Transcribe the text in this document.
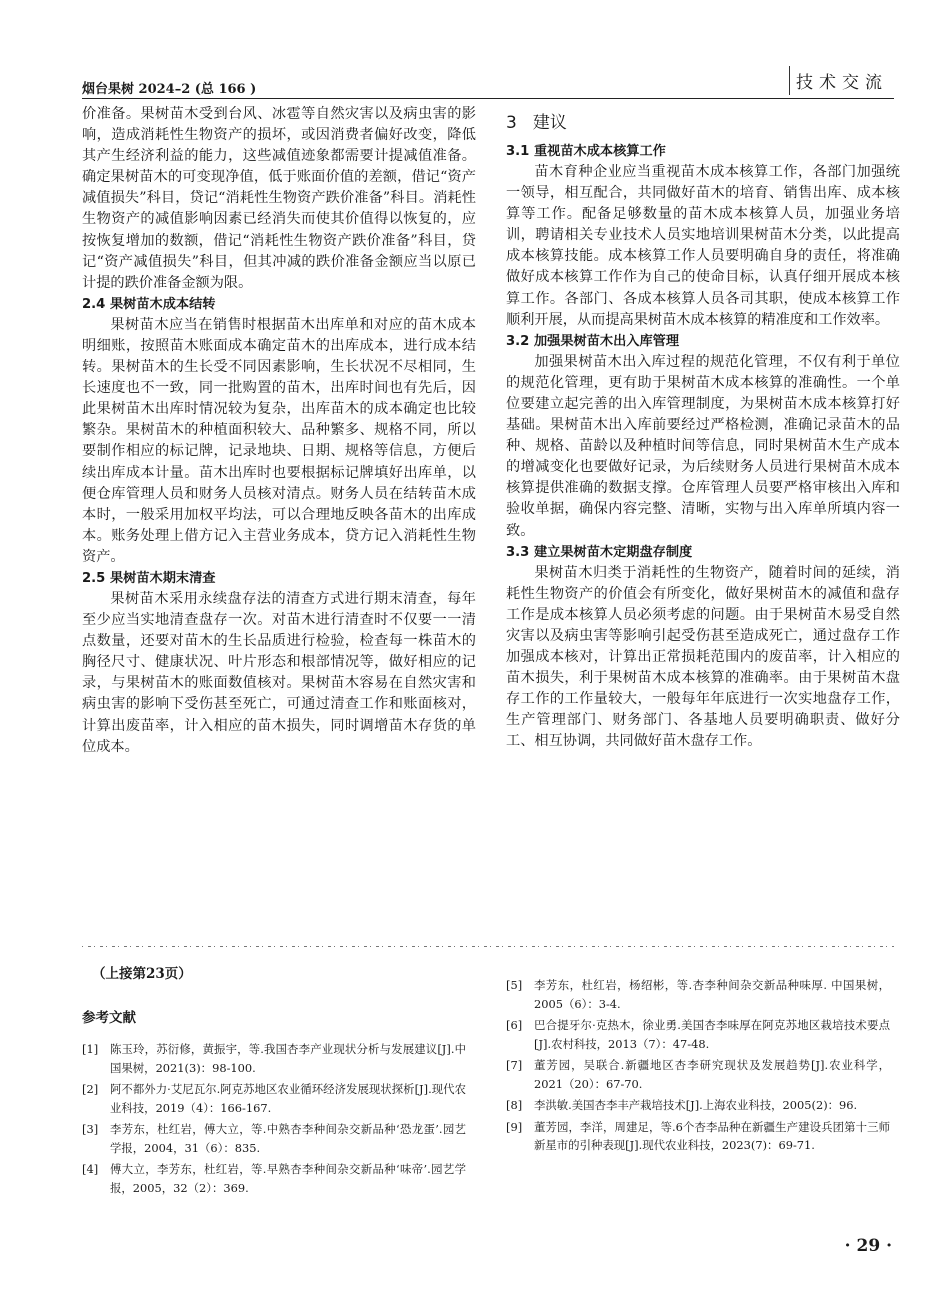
烟台果树 2024–2 (总 166 )	技术交流

价准备。果树苗木受到台风、冰雹等自然灾害以及病虫害的影响，造成消耗性生物资产的损坏，或因消费者偏好改变，降低其产生经济利益的能力，这些减值迹象都需要计提减值准备。确定果树苗木的可变现净值，低于账面价值的差额，借记“资产减值损失”科目，贷记“消耗性生物资产跌价准备”科目。消耗性生物资产的减值影响因素已经消失而使其价值得以恢复的，应按恢复增加的数额，借记“消耗性生物资产跌价准备”科目，贷记“资产减值损失”科目，但其冲减的跌价准备金额应当以原已计提的跌价准备金额为限。

2.4 果树苗木成本结转

果树苗木应当在销售时根据苗木出库单和对应的苗木成本明细账，按照苗木账面成本确定苗木的出库成本，进行成本结转。果树苗木的生长受不同因素影响，生长状况不尽相同，生长速度也不一致，同一批购置的苗木，出库时间也有先后，因此果树苗木出库时情况较为复杂，出库苗木的成本确定也比较繁杂。果树苗木的种植面积较大、品种繁多、规格不同，所以要制作相应的标记牌，记录地块、日期、规格等信息，方便后续出库成本计量。苗木出库时也要根据标记牌填好出库单，以便仓库管理人员和财务人员核对清点。财务人员在结转苗木成本时，一般采用加权平均法，可以合理地反映各苗木的出库成本。账务处理上借方记入主营业务成本，贷方记入消耗性生物资产。

2.5 果树苗木期末清查

果树苗木采用永续盘存法的清查方式进行期末清查，每年至少应当实地清查盘存一次。对苗木进行清查时不仅要一一清点数量，还要对苗木的生长品质进行检验，检查每一株苗木的胸径尺寸、健康状况、叶片形态和根部情况等，做好相应的记录，与果树苗木的账面数值核对。果树苗木容易在自然灾害和病虫害的影响下受伤甚至死亡，可通过清查工作和账面核对，计算出废苗率，计入相应的苗木损失，同时调增苗木存货的单位成本。

3 建议

3.1 重视苗木成本核算工作

苗木育种企业应当重视苗木成本核算工作，各部门加强统一领导，相互配合，共同做好苗木的培育、销售出库、成本核算等工作。配备足够数量的苗木成本核算人员，加强业务培训，聘请相关专业技术人员实地培训果树苗木分类，以此提高成本核算技能。成本核算工作人员要明确自身的责任，将准确做好成本核算工作作为自己的使命目标，认真仔细开展成本核算工作。各部门、各成本核算人员各司其职，使成本核算工作顺利开展，从而提高果树苗木成本核算的精准度和工作效率。

3.2 加强果树苗木出入库管理

加强果树苗木出入库过程的规范化管理，不仅有利于单位的规范化管理，更有助于果树苗木成本核算的准确性。一个单位要建立起完善的出入库管理制度，为果树苗木成本核算打好基础。果树苗木出入库前要经过严格检测，准确记录苗木的品种、规格、苗龄以及种植时间等信息，同时果树苗木生产成本的增减变化也要做好记录，为后续财务人员进行果树苗木成本核算提供准确的数据支撑。仓库管理人员要严格审核出入库和验收单据，确保内容完整、清晰，实物与出入库单所填内容一致。

3.3 建立果树苗木定期盘存制度

果树苗木归类于消耗性的生物资产，随着时间的延续，消耗性生物资产的价值会有所变化，做好果树苗木的减值和盘存工作是成本核算人员必须考虑的问题。由于果树苗木易受自然灾害以及病虫害等影响引起受伤甚至造成死亡，通过盘存工作加强成本核对，计算出正常损耗范围内的废苗率，计入相应的苗木损失，利于果树苗木成本核算的准确率。由于果树苗木盘存工作的工作量较大，一般每年年底进行一次实地盘存工作，生产管理部门、财务部门、各基地人员要明确职责、做好分工、相互协调，共同做好苗木盘存工作。

（上接第23页）
参考文献
[1] 陈玉玲，苏衍修，黄振宇，等.我国杏李产业现状分析与发展建议[J].中国果树，2021(3)：98-100.
[2] 阿不都外力·艾尼瓦尔.阿克苏地区农业循环经济发展现状探析[J].现代农业科技，2019（4）：166-167.
[3] 李芳东，杜红岩，傅大立，等.中熟杏李种间杂交新品种‘恐龙蛋’.园艺学报，2004，31（6）：835.
[4] 傅大立，李芳东，杜红岩，等.早熟杏李种间杂交新品种‘味帝’.园艺学报，2005，32（2）：369.
[5] 李芳东，杜红岩，杨绍彬，等.杏李种间杂交新品种味厚. 中国果树，2005（6）：3-4.
[6] 巴合提牙尔·克热木，徐业勇.美国杏李味厚在阿克苏地区栽培技术要点[J].农村科技，2013（7）：47-48.
[7] 董芳园，吴联合.新疆地区杏李研究现状及发展趋势[J].农业科学，2021（20）：67-70.
[8] 李洪敏.美国杏李丰产栽培技术[J].上海农业科技，2005(2)：96.
[9] 董芳园，李洋，周建足，等.6个杏李品种在新疆生产建设兵团第十三师新星市的引种表现[J].现代农业科技，2023(7)：69-71.
· 29 ·
